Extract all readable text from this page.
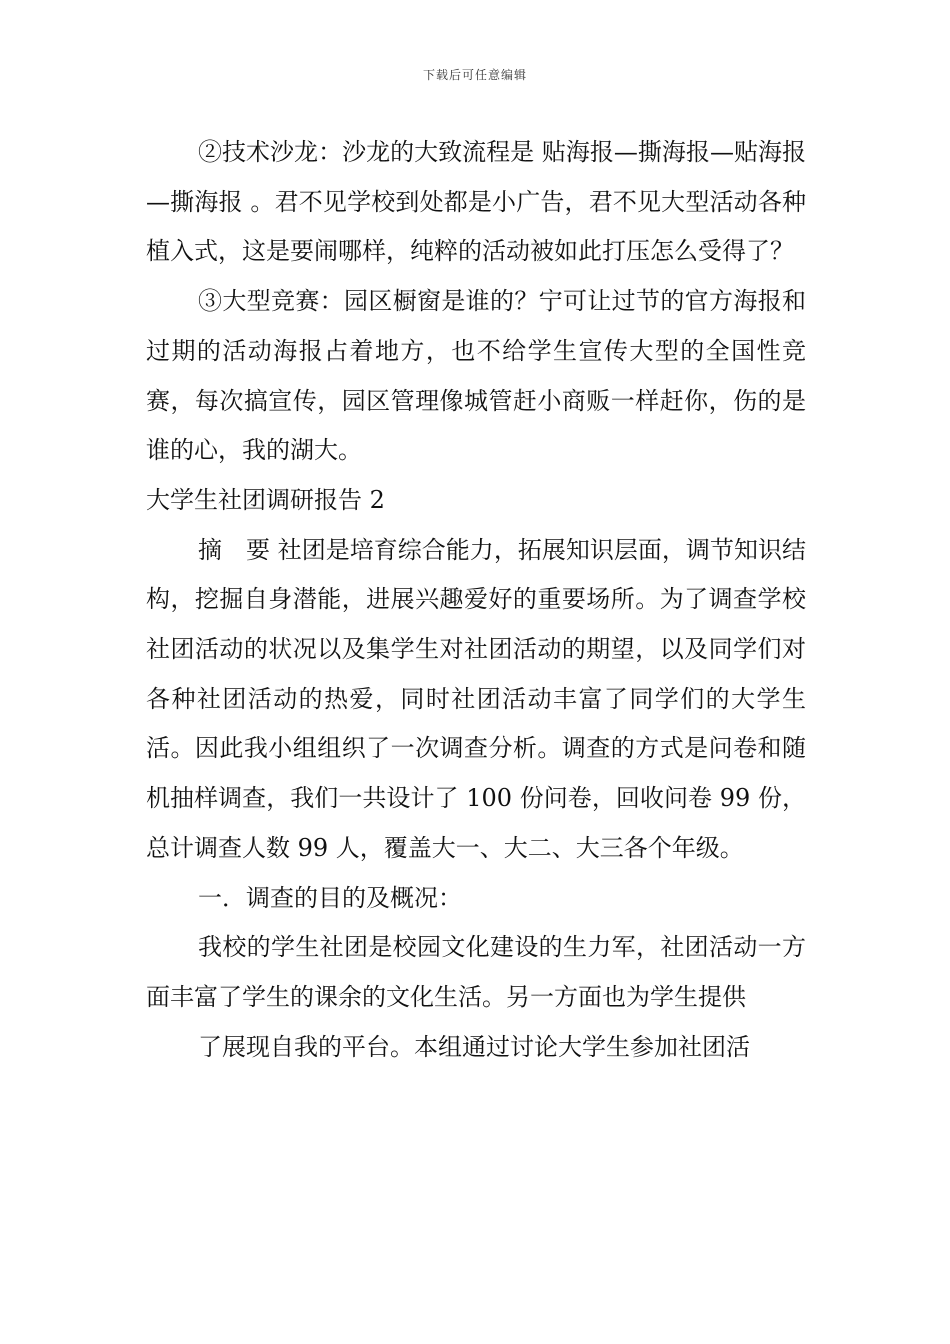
下载后可任意编辑

②技术沙龙：沙龙的大致流程是 贴海报—撕海报—贴海报—撕海报 。君不见学校到处都是小广告，君不见大型活动各种植入式，这是要闹哪样，纯粹的活动被如此打压怎么受得了？

③大型竞赛：园区橱窗是谁的？宁可让过节的官方海报和过期的活动海报占着地方，也不给学生宣传大型的全国性竞赛，每次搞宣传，园区管理像城管赶小商贩一样赶你，伤的是谁的心，我的湖大。

大学生社团调研报告 2

摘　要 社团是培育综合能力，拓展知识层面，调节知识结构，挖掘自身潜能，进展兴趣爱好的重要场所。为了调查学校社团活动的状况以及集学生对社团活动的期望，以及同学们对各种社团活动的热爱，同时社团活动丰富了同学们的大学生活。因此我小组组织了一次调查分析。调查的方式是问卷和随机抽样调查，我们一共设计了 100 份问卷，回收问卷 99 份，总计调查人数 99 人，覆盖大一、大二、大三各个年级。

一．调查的目的及概况：

我校的学生社团是校园文化建设的生力军，社团活动一方面丰富了学生的课余的文化生活。另一方面也为学生提供

了展现自我的平台。本组通过讨论大学生参加社团活
